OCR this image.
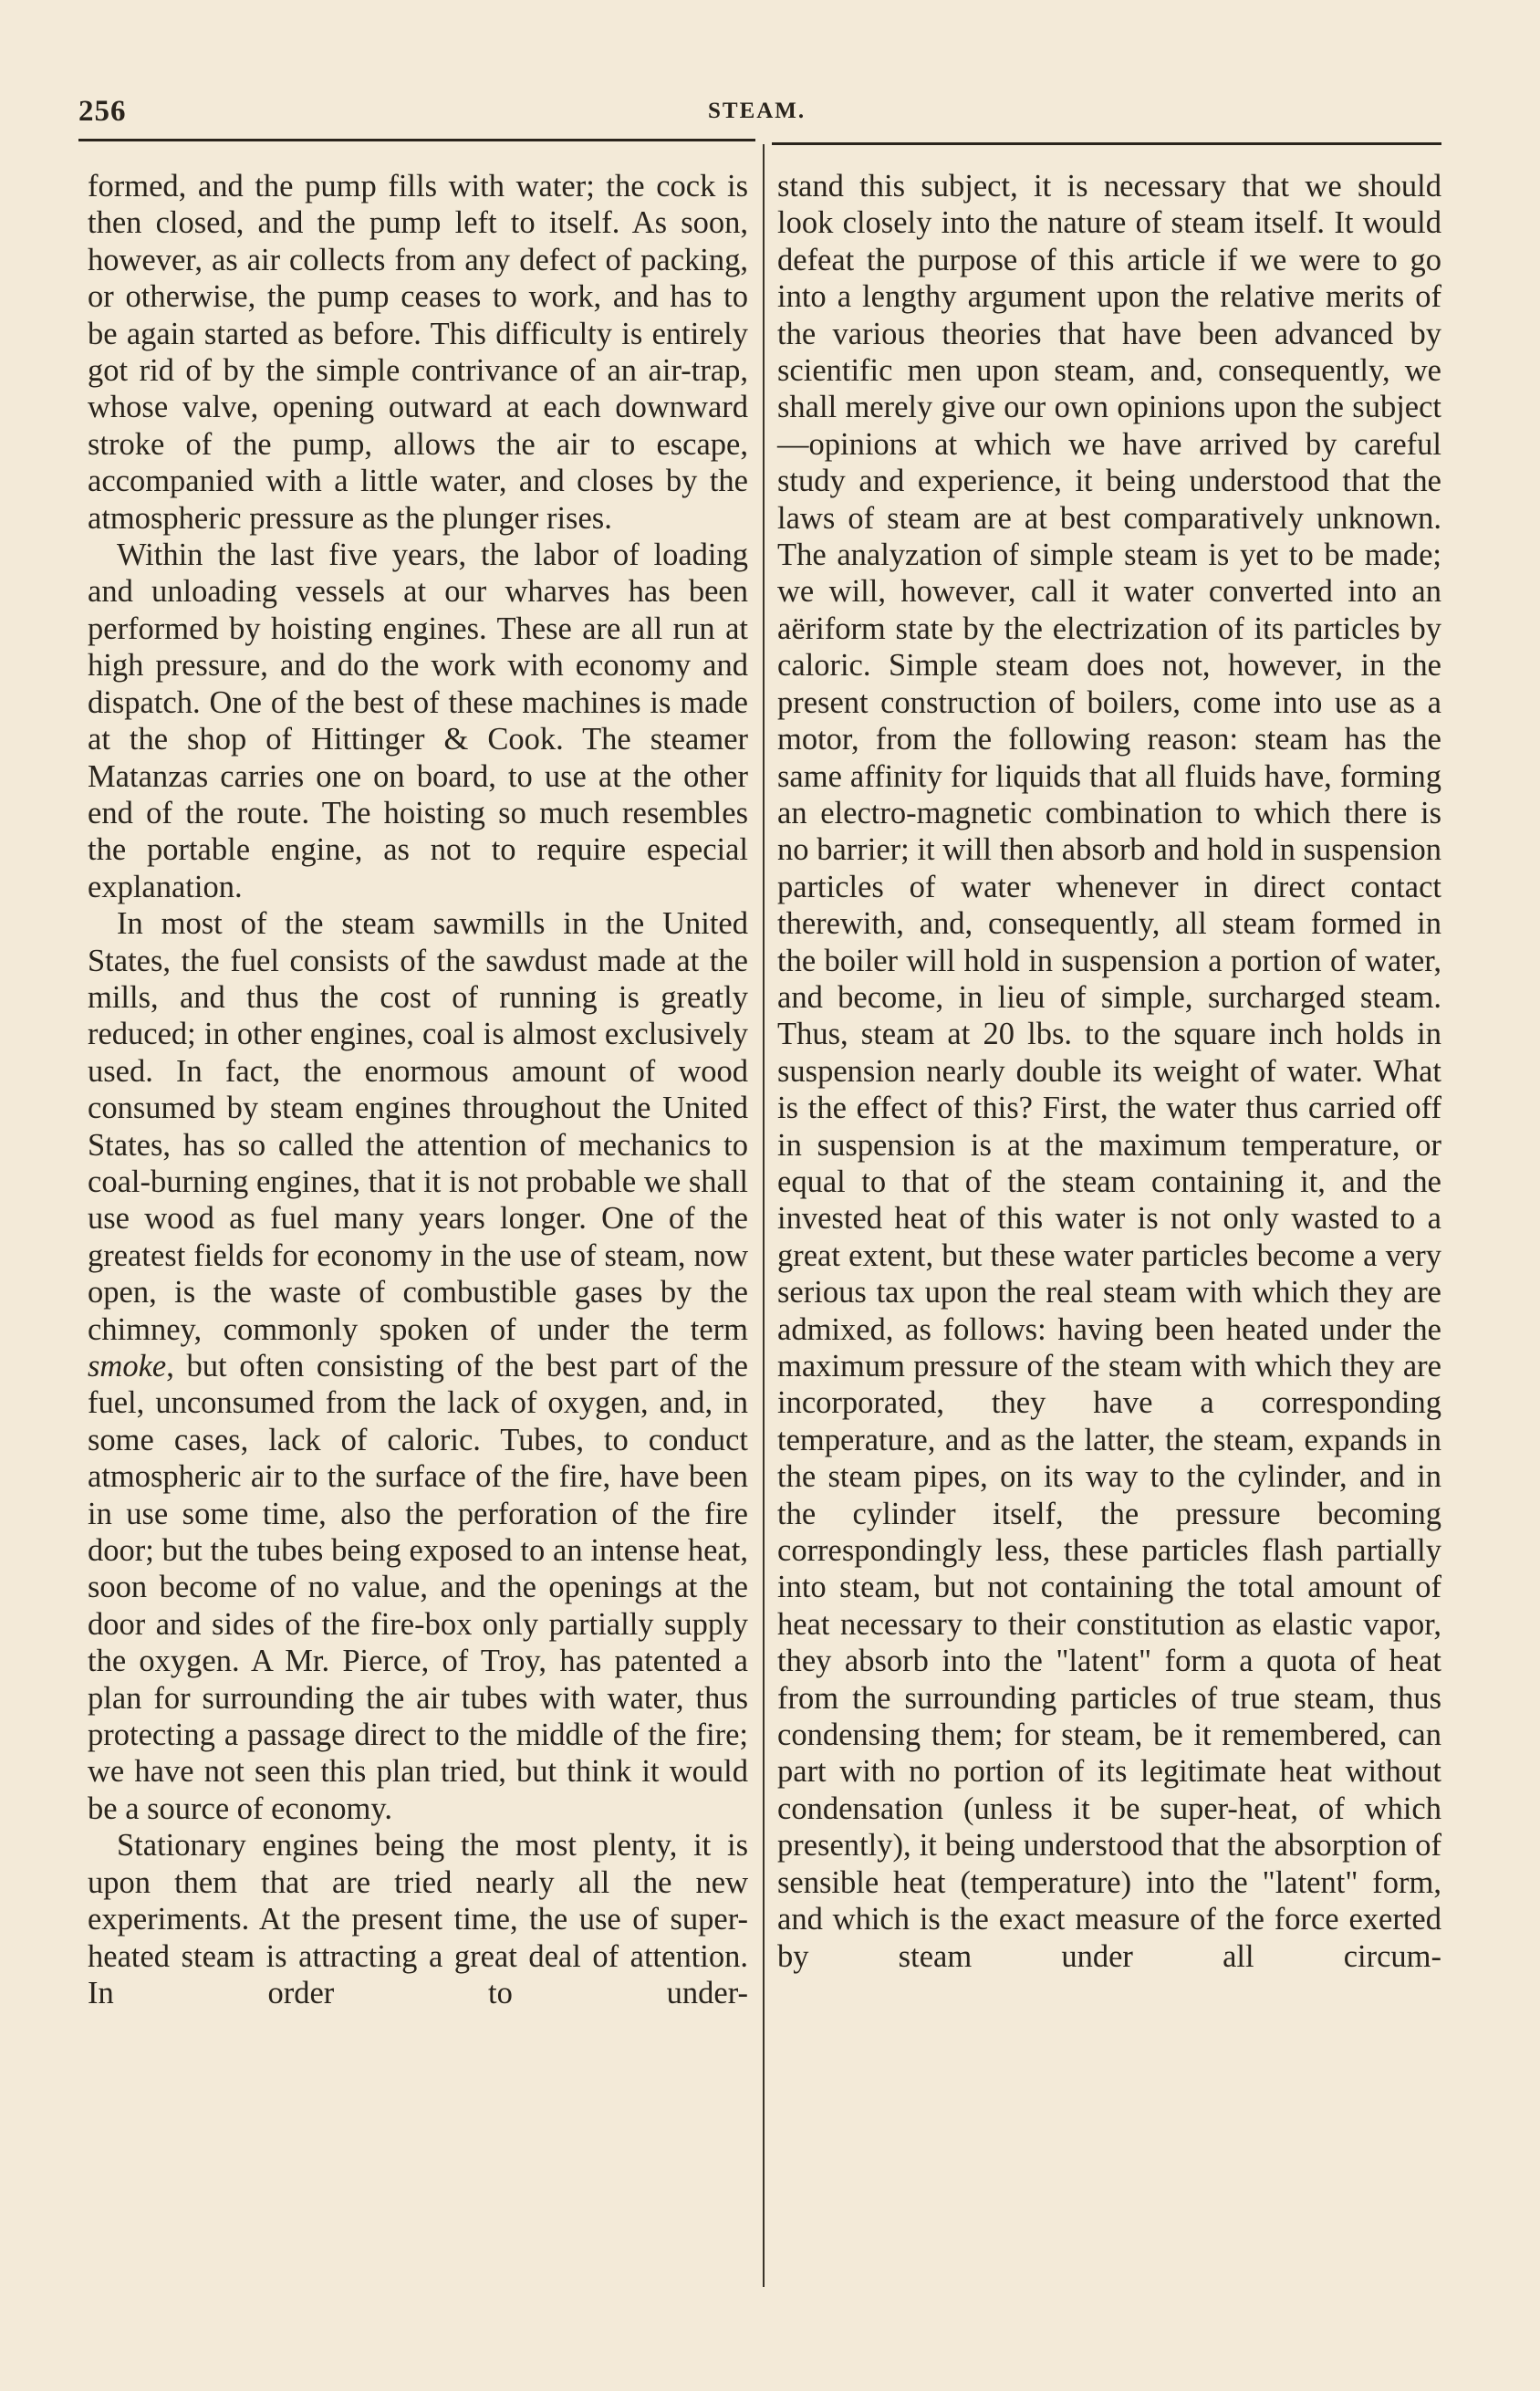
256	STEAM.

formed, and the pump fills with water; the cock is then closed, and the pump left to itself. As soon, however, as air collects from any defect of packing, or otherwise, the pump ceases to work, and has to be again started as before. This difficulty is entirely got rid of by the simple contrivance of an air-trap, whose valve, opening outward at each downward stroke of the pump, allows the air to escape, accompanied with a little water, and closes by the atmospheric pressure as the plunger rises.

Within the last five years, the labor of loading and unloading vessels at our wharves has been performed by hoisting engines. These are all run at high pressure, and do the work with economy and dispatch. One of the best of these machines is made at the shop of Hittinger & Cook. The steamer Matanzas carries one on board, to use at the other end of the route. The hoisting so much resembles the portable engine, as not to require especial explanation.

In most of the steam sawmills in the United States, the fuel consists of the sawdust made at the mills, and thus the cost of running is greatly reduced; in other engines, coal is almost exclusively used. In fact, the enormous amount of wood consumed by steam engines throughout the United States, has so called the attention of mechanics to coal-burning engines, that it is not probable we shall use wood as fuel many years longer. One of the greatest fields for economy in the use of steam, now open, is the waste of combustible gases by the chimney, commonly spoken of under the term smoke, but often consisting of the best part of the fuel, unconsumed from the lack of oxygen, and, in some cases, lack of caloric. Tubes, to conduct atmospheric air to the surface of the fire, have been in use some time, also the perforation of the fire door; but the tubes being exposed to an intense heat, soon become of no value, and the openings at the door and sides of the fire-box only partially supply the oxygen. A Mr. Pierce, of Troy, has patented a plan for surrounding the air tubes with water, thus protecting a passage direct to the middle of the fire; we have not seen this plan tried, but think it would be a source of economy.

Stationary engines being the most plenty, it is upon them that are tried nearly all the new experiments. At the present time, the use of super-heated steam is attracting a great deal of attention. In order to under-

stand this subject, it is necessary that we should look closely into the nature of steam itself. It would defeat the purpose of this article if we were to go into a lengthy argument upon the relative merits of the various theories that have been advanced by scientific men upon steam, and, consequently, we shall merely give our own opinions upon the subject—opinions at which we have arrived by careful study and experience, it being understood that the laws of steam are at best comparatively unknown. The analyzation of simple steam is yet to be made; we will, however, call it water converted into an aëriform state by the electrization of its particles by caloric. Simple steam does not, however, in the present construction of boilers, come into use as a motor, from the following reason: steam has the same affinity for liquids that all fluids have, forming an electro-magnetic combination to which there is no barrier; it will then absorb and hold in suspension particles of water whenever in direct contact therewith, and, consequently, all steam formed in the boiler will hold in suspension a portion of water, and become, in lieu of simple, surcharged steam. Thus, steam at 20 lbs. to the square inch holds in suspension nearly double its weight of water. What is the effect of this? First, the water thus carried off in suspension is at the maximum temperature, or equal to that of the steam containing it, and the invested heat of this water is not only wasted to a great extent, but these water particles become a very serious tax upon the real steam with which they are admixed, as follows: having been heated under the maximum pressure of the steam with which they are incorporated, they have a corresponding temperature, and as the latter, the steam, expands in the steam pipes, on its way to the cylinder, and in the cylinder itself, the pressure becoming correspondingly less, these particles flash partially into steam, but not containing the total amount of heat necessary to their constitution as elastic vapor, they absorb into the "latent" form a quota of heat from the surrounding particles of true steam, thus condensing them; for steam, be it remembered, can part with no portion of its legitimate heat without condensation (unless it be super-heat, of which presently), it being understood that the absorption of sensible heat (temperature) into the "latent" form, and which is the exact measure of the force exerted by steam under all circum-
